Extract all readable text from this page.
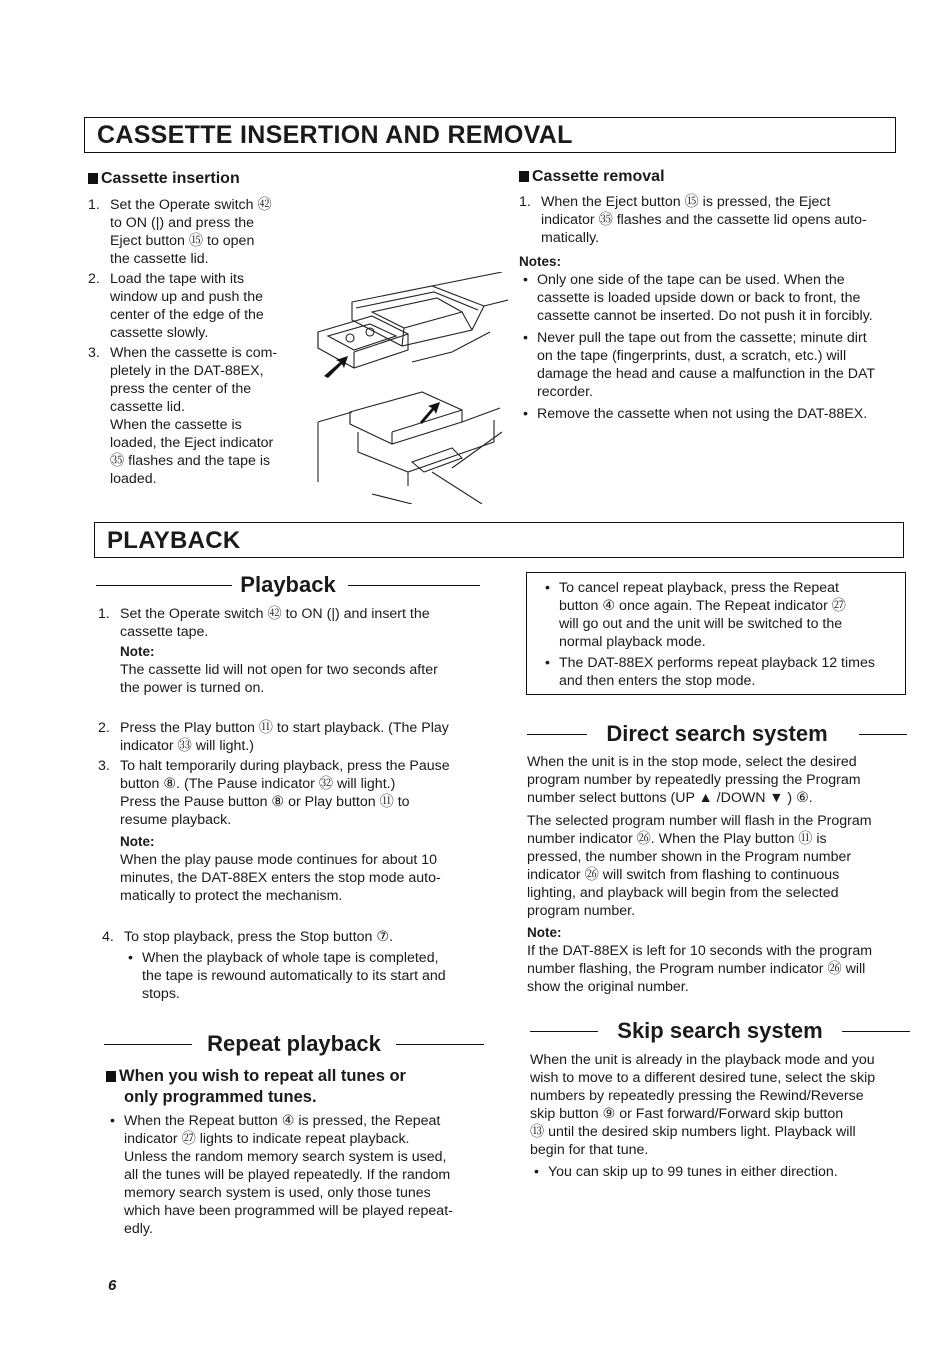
CASSETTE INSERTION AND REMOVAL
Cassette insertion
1. Set the Operate switch ㊷
to ON (|) and press the
Eject button ⑮ to open
the cassette lid.
2. Load the tape with its
window up and push the
center of the edge of the
cassette slowly.
3. When the cassette is com-
pletely in the DAT-88EX,
press the center of the
cassette lid.
When the cassette is
loaded, the Eject indicator
㉟ flashes and the tape is
loaded.
Cassette removal
1. When the Eject button ⑮ is pressed, the Eject
indicator ㉟ flashes and the cassette lid opens auto-
matically.
Notes:
• Only one side of the tape can be used. When the
cassette is loaded upside down or back to front, the
cassette cannot be inserted. Do not push it in forcibly.
• Never pull the tape out from the cassette; minute dirt
on the tape (fingerprints, dust, a scratch, etc.) will
damage the head and cause a malfunction in the DAT
recorder.
• Remove the cassette when not using the DAT-88EX.
PLAYBACK
Playback
1. Set the Operate switch ㊷ to ON (|) and insert the
cassette tape.
Note:
The cassette lid will not open for two seconds after
the power is turned on.
2. Press the Play button ⑪ to start playback. (The Play
indicator ㉝ will light.)
3. To halt temporarily during playback, press the Pause
button ⑧. (The Pause indicator ㉜ will light.)
Press the Pause button ⑧ or Play button ⑪ to
resume playback.
Note:
When the play pause mode continues for about 10
minutes, the DAT-88EX enters the stop mode auto-
matically to protect the mechanism.
4. To stop playback, press the Stop button ⑦.
• When the playback of whole tape is completed,
the tape is rewound automatically to its start and
stops.
Repeat playback
When you wish to repeat all tunes or
only programmed tunes.
• When the Repeat button ④ is pressed, the Repeat
indicator ㉗ lights to indicate repeat playback.
Unless the random memory search system is used,
all the tunes will be played repeatedly. If the random
memory search system is used, only those tunes
which have been programmed will be played repeat-
edly.
• To cancel repeat playback, press the Repeat
button ④ once again. The Repeat indicator ㉗
will go out and the unit will be switched to the
normal playback mode.
• The DAT-88EX performs repeat playback 12 times
and then enters the stop mode.
Direct search system
When the unit is in the stop mode, select the desired
program number by repeatedly pressing the Program
number select buttons (UP ▲ /DOWN ▼ ) ⑥.
The selected program number will flash in the Program
number indicator ㉖. When the Play button ⑪ is
pressed, the number shown in the Program number
indicator ㉖ will switch from flashing to continuous
lighting, and playback will begin from the selected
program number.
Note:
If the DAT-88EX is left for 10 seconds with the program
number flashing, the Program number indicator ㉖ will
show the original number.
Skip search system
When the unit is already in the playback mode and you
wish to move to a different desired tune, select the skip
numbers by repeatedly pressing the Rewind/Reverse
skip button ⑨ or Fast forward/Forward skip button
⑬ until the desired skip numbers light. Playback will
begin for that tune.
• You can skip up to 99 tunes in either direction.
6
